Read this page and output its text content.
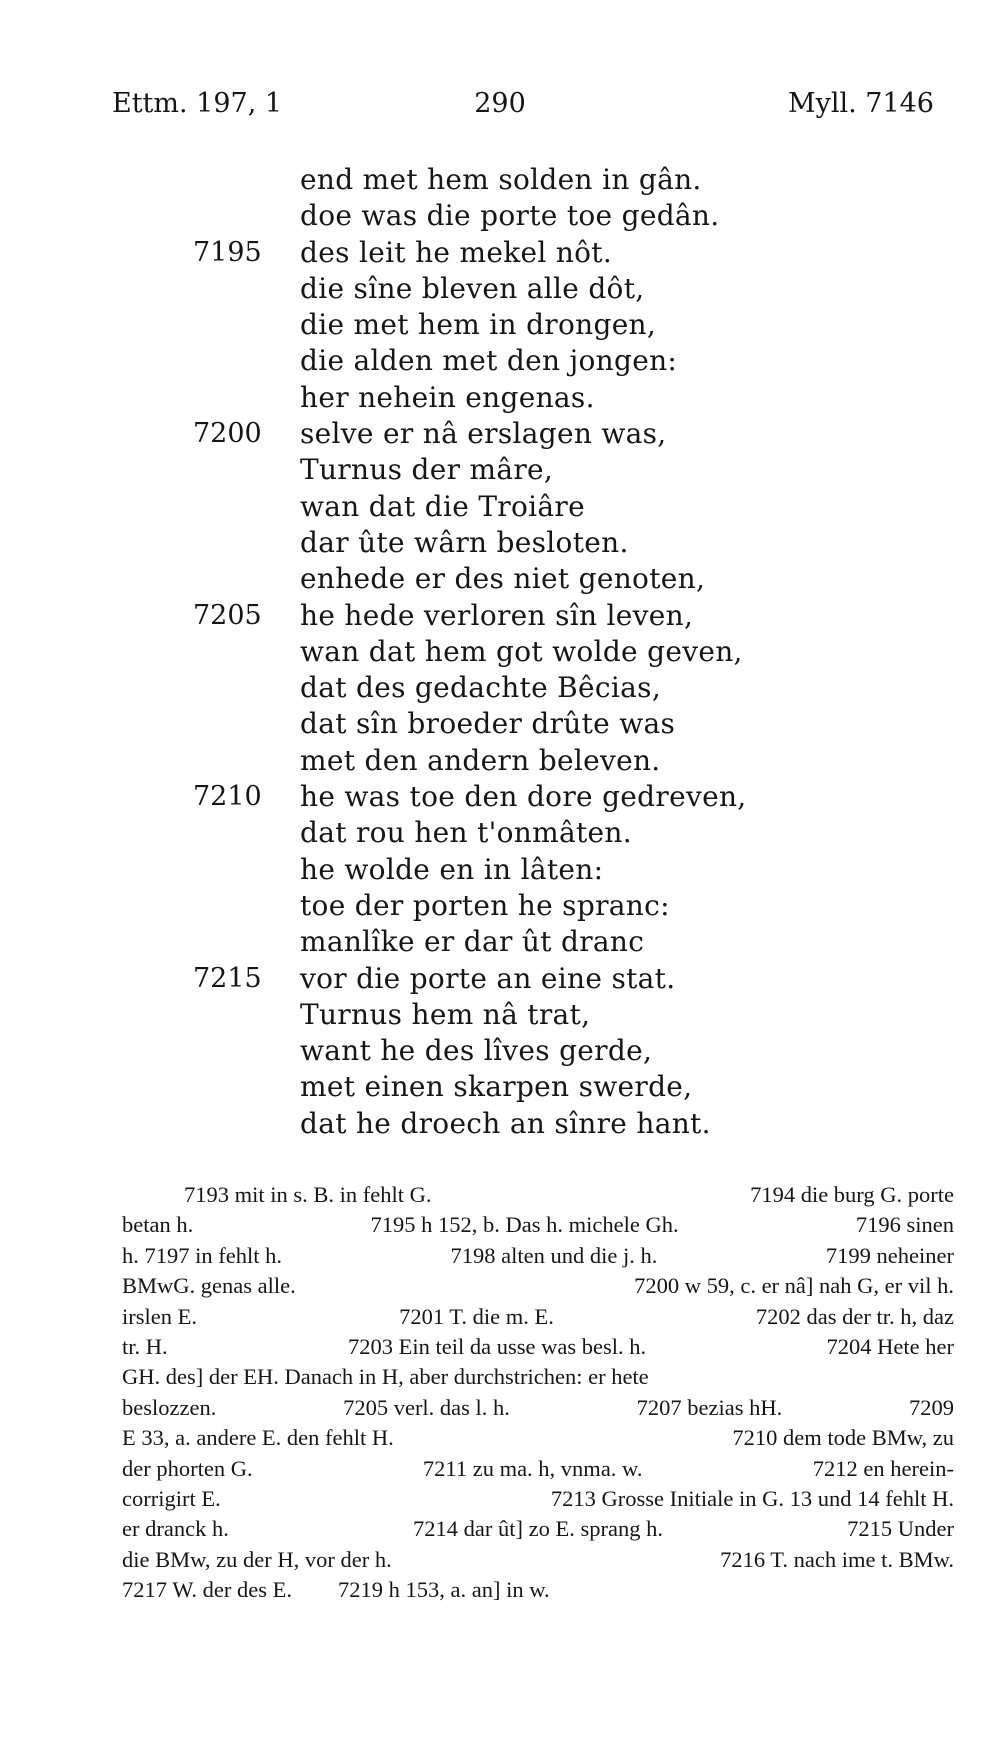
Ettm. 197, 1	290	Myll. 7146
end met hem solden in gân.
doe was die porte toe gedân.
7195 des leit he mekel nôt.
die sîne bleven alle dôt,
die met hem in drongen,
die alden met den jongen:
her nehein engenas.
7200 selve er nâ erslagen was,
Turnus der mâre,
wan dat die Troiâre
dar ûte wârn besloten.
enhede er des niet genoten,
7205 he hede verloren sîn leven,
wan dat hem got wolde geven,
dat des gedachte Bêcias,
dat sîn broeder drûte was
met den andern beleven.
7210 he was toe den dore gedreven,
dat rou hen t'onmâten.
he wolde en in lâten:
toe der porten he spranc:
manlîke er dar ût dranc
7215 vor die porte an eine stat.
Turnus hem nâ trat,
want he des lîves gerde,
met einen skarpen swerde,
dat he droech an sînre hant.
7193 mit in s. B. in fehlt G.	7194 die burg G. porte
betan h.	7195 h 152, b. Das h. michele Gh.	7196 sinen
h. 7197 in fehlt h.	7198 alten und die j. h.	7199 neheiner
BMwG. genas alle.	7200 w 59, c. er nâ] nah G, er vil h.
irslen E.	7201 T. die m. E.	7202 das der tr. h, daz
tr. H.	7203 Ein teil da usse was besl. h.	7204 Hete her
GH. des] der EH. Danach in H, aber durchstrichen: er hete
beslozzen.	7205 verl. das l. h.	7207 bezias hH.	7209
E 33, a. andere E. den fehlt H.	7210 dem tode BMw, zu
der phorten G.	7211 zu ma. h, vnma. w.	7212 en herein-
corrigirt E.	7213 Grosse Initiale in G. 13 und 14 fehlt H.
er dranck h.	7214 dar ût] zo E. sprang h.	7215 Under
die BMw, zu der H, vor der h.	7216 T. nach ime t. BMw.
7217 W. der des E. 7219 h 153, a. an] in w.
